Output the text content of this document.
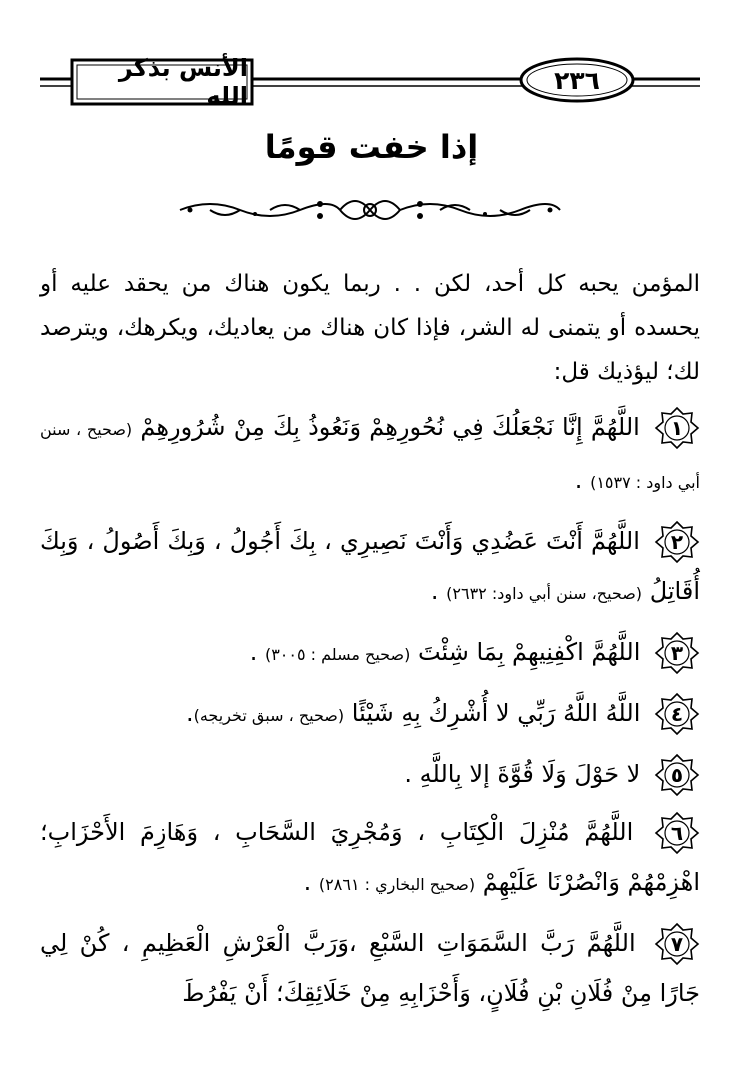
الأنس بذكر الله
٢٣٦
إذا خفت قومًا

المؤمن يحبه كل أحد، لكن . . ربما يكون هناك من يحقد عليه أو يحسده أو يتمنى له الشر، فإذا كان هناك من يعاديك، ويكرهك، ويترصد لك؛ ليؤذيك قل:

١
اللَّهُمَّ إِنَّا نَجْعَلُكَ فِي نُحُورِهِمْ وَنَعُوذُ بِكَ مِنْ شُرُورِهِمْ (صحيح ، سنن أبي داود : ١٥٣٧) .

٢
اللَّهُمَّ أَنْتَ عَضُدِي وَأَنْتَ نَصِيرِي ، بِكَ أَجُولُ ، وَبِكَ أَصُولُ ، وَبِكَ أُقَاتِلُ (صحيح، سنن أبي داود: ٢٦٣٢) .

٣
اللَّهُمَّ اكْفِنِيهِمْ بِمَا شِئْتَ (صحيح مسلم : ٣٠٠٥) .

٤
اللَّهُ اللَّهُ رَبِّي لا أُشْرِكُ بِهِ شَيْئًا (صحيح ، سبق تخريجه).

٥
لا حَوْلَ وَلَا قُوَّةَ إلا بِاللَّهِ .

٦
اللَّهُمَّ مُنْزِلَ الْكِتَابِ ، وَمُجْرِيَ السَّحَابِ ، وَهَازِمَ الأَحْزَابِ؛ اهْزِمْهُمْ وَانْصُرْنَا عَلَيْهِمْ (صحيح البخاري : ٢٨٦١) .

٧
اللَّهُمَّ رَبَّ السَّمَوَاتِ السَّبْعِ ،وَرَبَّ الْعَرْشِ الْعَظِيمِ ، كُنْ لِي جَارًا مِنْ فُلَانِ بْنِ فُلَانٍ، وَأَحْزَابِهِ مِنْ خَلَائِقِكَ؛ أَنْ يَفْرُطَ
